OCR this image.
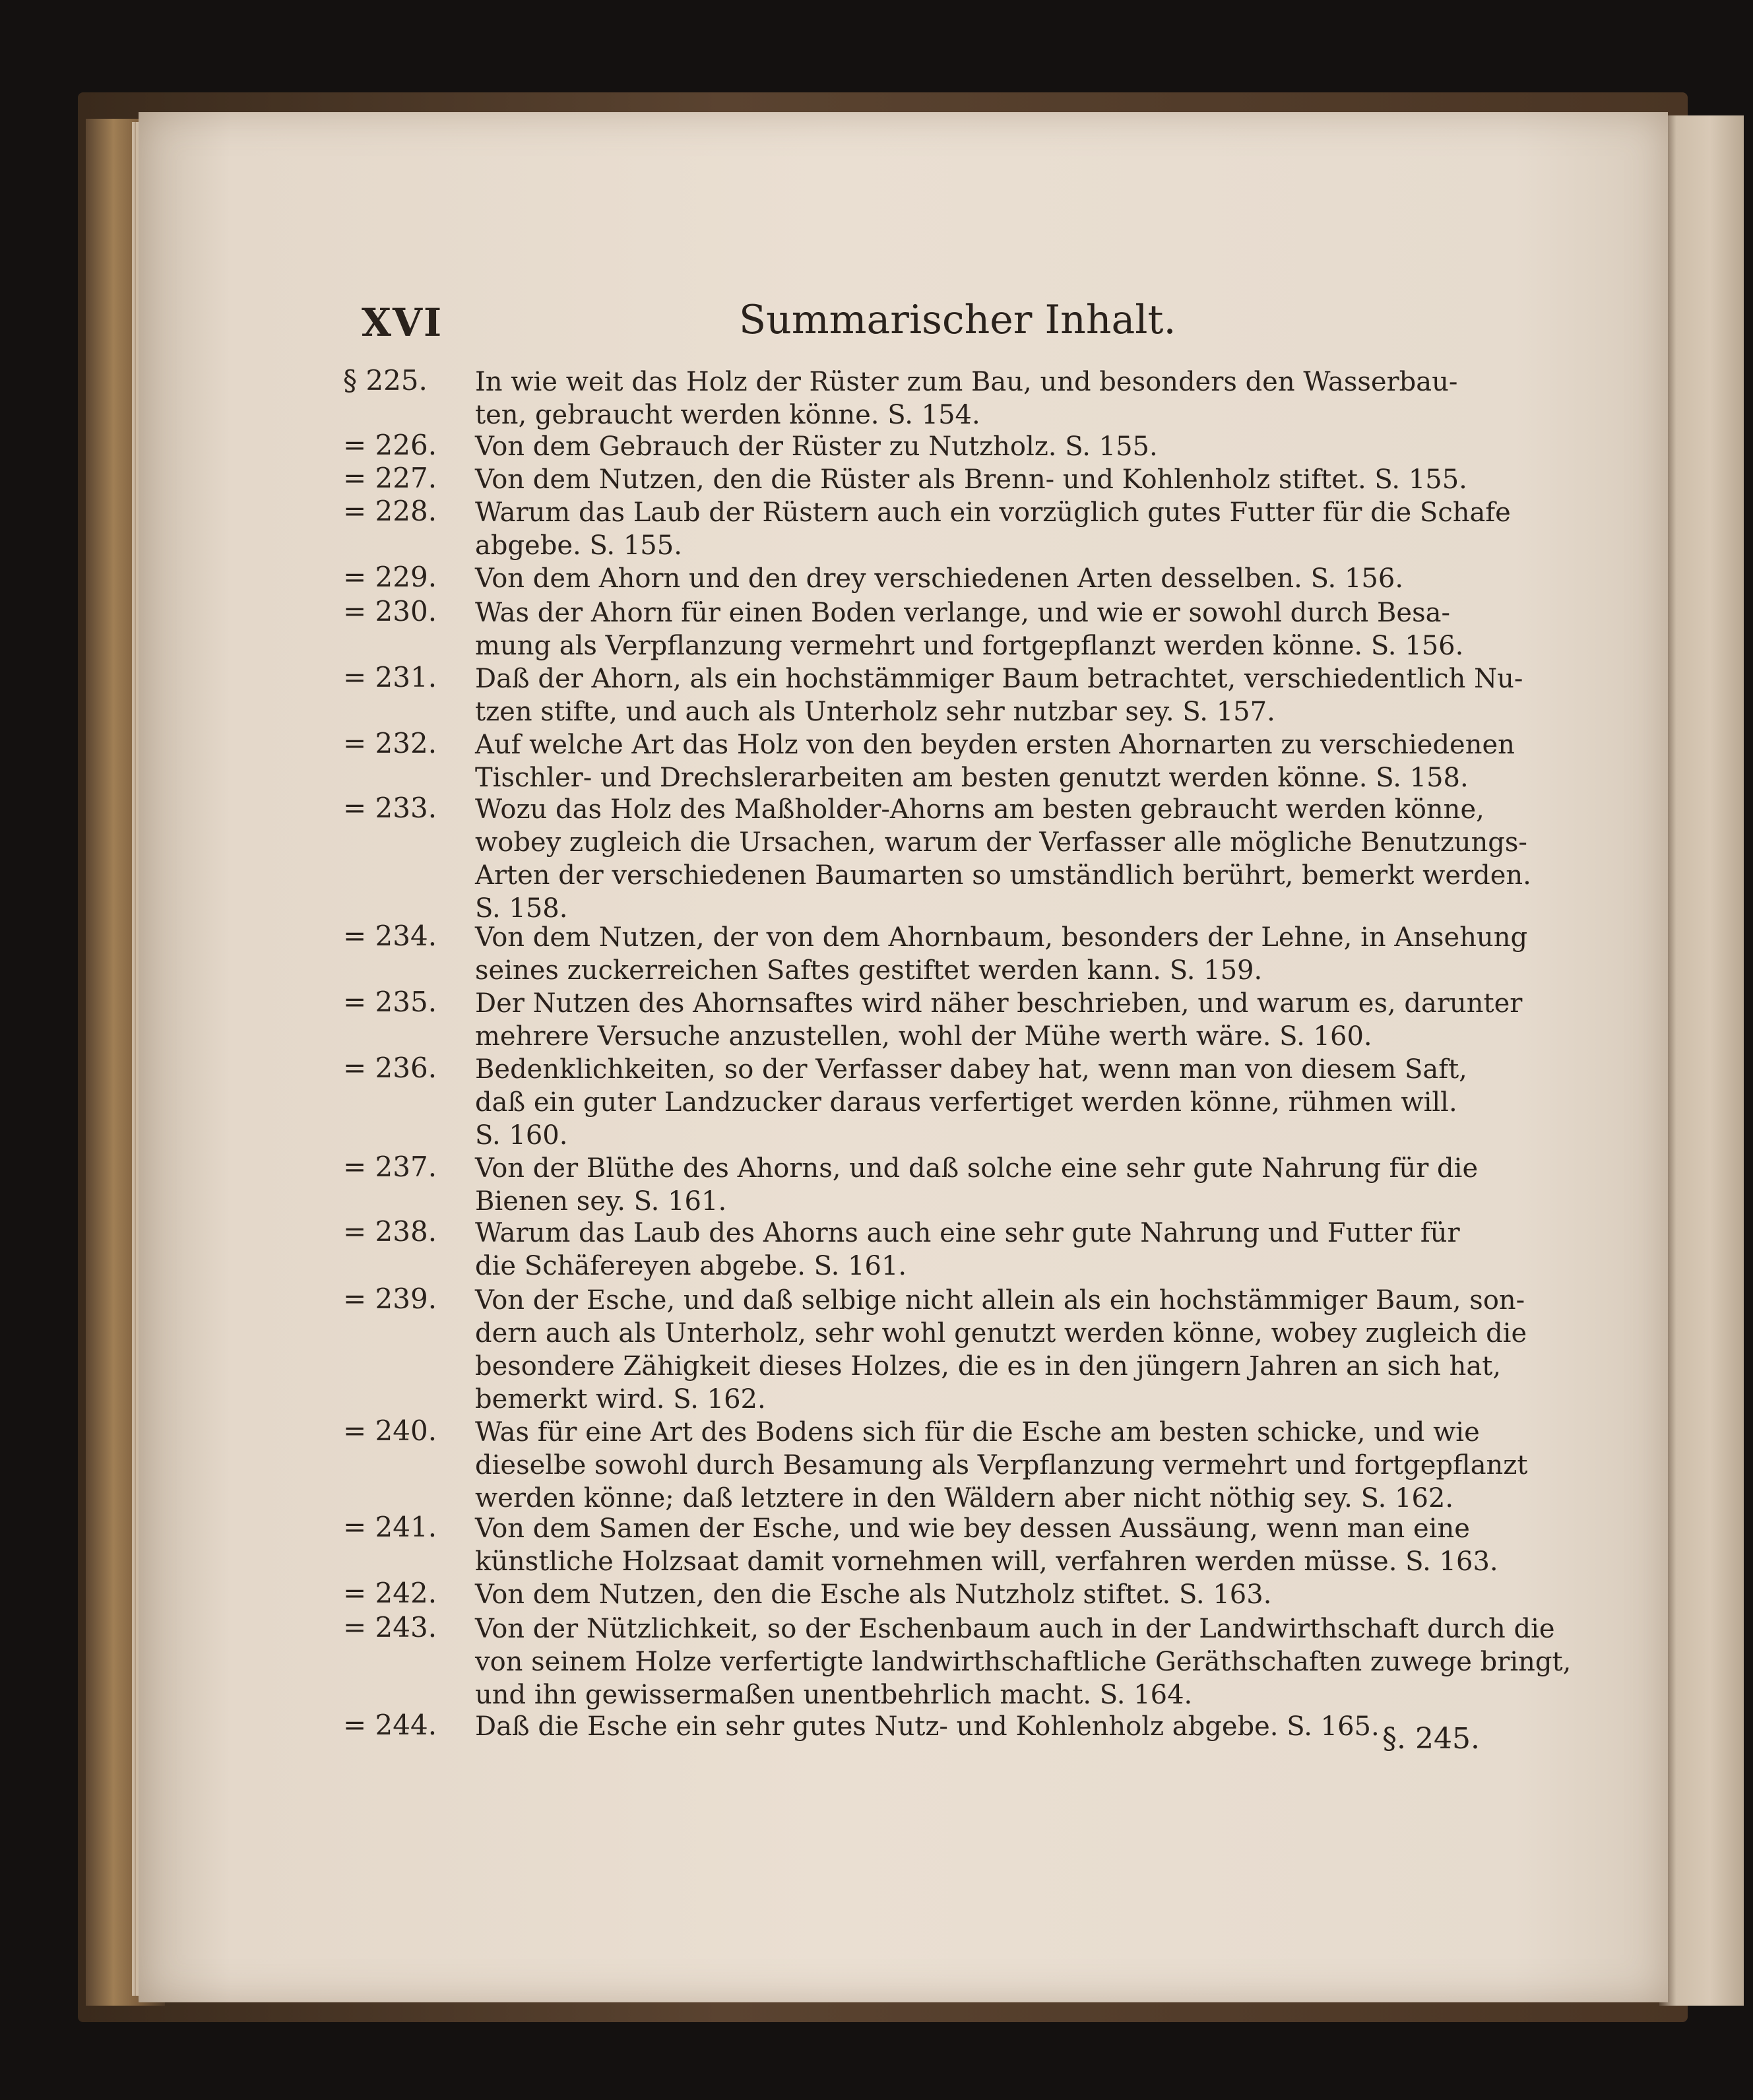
XVI	Summarischer Inhalt.
§ 225.	In wie weit das Holz der Rüster zum Bau, und besonders den Wasserbau-
ten, gebraucht werden könne. S. 154.
= 226.	Von dem Gebrauch der Rüster zu Nutzholz. S. 155.
= 227.	Von dem Nutzen, den die Rüster als Brenn- und Kohlenholz stiftet. S. 155.
= 228.	Warum das Laub der Rüstern auch ein vorzüglich gutes Futter für die Schafe
abgebe. S. 155.
= 229.	Von dem Ahorn und den drey verschiedenen Arten desselben. S. 156.
= 230.	Was der Ahorn für einen Boden verlange, und wie er sowohl durch Besa-
mung als Verpflanzung vermehrt und fortgepflanzt werden könne. S. 156.
= 231.	Daß der Ahorn, als ein hochstämmiger Baum betrachtet, verschiedentlich Nu-
tzen stifte, und auch als Unterholz sehr nutzbar sey. S. 157.
= 232.	Auf welche Art das Holz von den beyden ersten Ahornarten zu verschiedenen
Tischler- und Drechslerarbeiten am besten genutzt werden könne. S. 158.
= 233.	Wozu das Holz des Maßholder-Ahorns am besten gebraucht werden könne,
wobey zugleich die Ursachen, warum der Verfasser alle mögliche Benutzungs-
Arten der verschiedenen Baumarten so umständlich berührt, bemerkt werden.
S. 158.
= 234.	Von dem Nutzen, der von dem Ahornbaum, besonders der Lehne, in Ansehung
seines zuckerreichen Saftes gestiftet werden kann. S. 159.
= 235.	Der Nutzen des Ahornsaftes wird näher beschrieben, und warum es, darunter
mehrere Versuche anzustellen, wohl der Mühe werth wäre. S. 160.
= 236.	Bedenklichkeiten, so der Verfasser dabey hat, wenn man von diesem Saft,
daß ein guter Landzucker daraus verfertiget werden könne, rühmen will.
S. 160.
= 237.	Von der Blüthe des Ahorns, und daß solche eine sehr gute Nahrung für die
Bienen sey. S. 161.
= 238.	Warum das Laub des Ahorns auch eine sehr gute Nahrung und Futter für
die Schäfereyen abgebe. S. 161.
= 239.	Von der Esche, und daß selbige nicht allein als ein hochstämmiger Baum, son-
dern auch als Unterholz, sehr wohl genutzt werden könne, wobey zugleich die
besondere Zähigkeit dieses Holzes, die es in den jüngern Jahren an sich hat,
bemerkt wird. S. 162.
= 240.	Was für eine Art des Bodens sich für die Esche am besten schicke, und wie
dieselbe sowohl durch Besamung als Verpflanzung vermehrt und fortgepflanzt
werden könne; daß letztere in den Wäldern aber nicht nöthig sey. S. 162.
= 241.	Von dem Samen der Esche, und wie bey dessen Aussäung, wenn man eine
künstliche Holzsaat damit vornehmen will, verfahren werden müsse. S. 163.
= 242.	Von dem Nutzen, den die Esche als Nutzholz stiftet. S. 163.
= 243.	Von der Nützlichkeit, so der Eschenbaum auch in der Landwirthschaft durch die
von seinem Holze verfertigte landwirthschaftliche Geräthschaften zuwege bringt,
und ihn gewissermaßen unentbehrlich macht. S. 164.
= 244.	Daß die Esche ein sehr gutes Nutz- und Kohlenholz abgebe. S. 165. §. 245.
